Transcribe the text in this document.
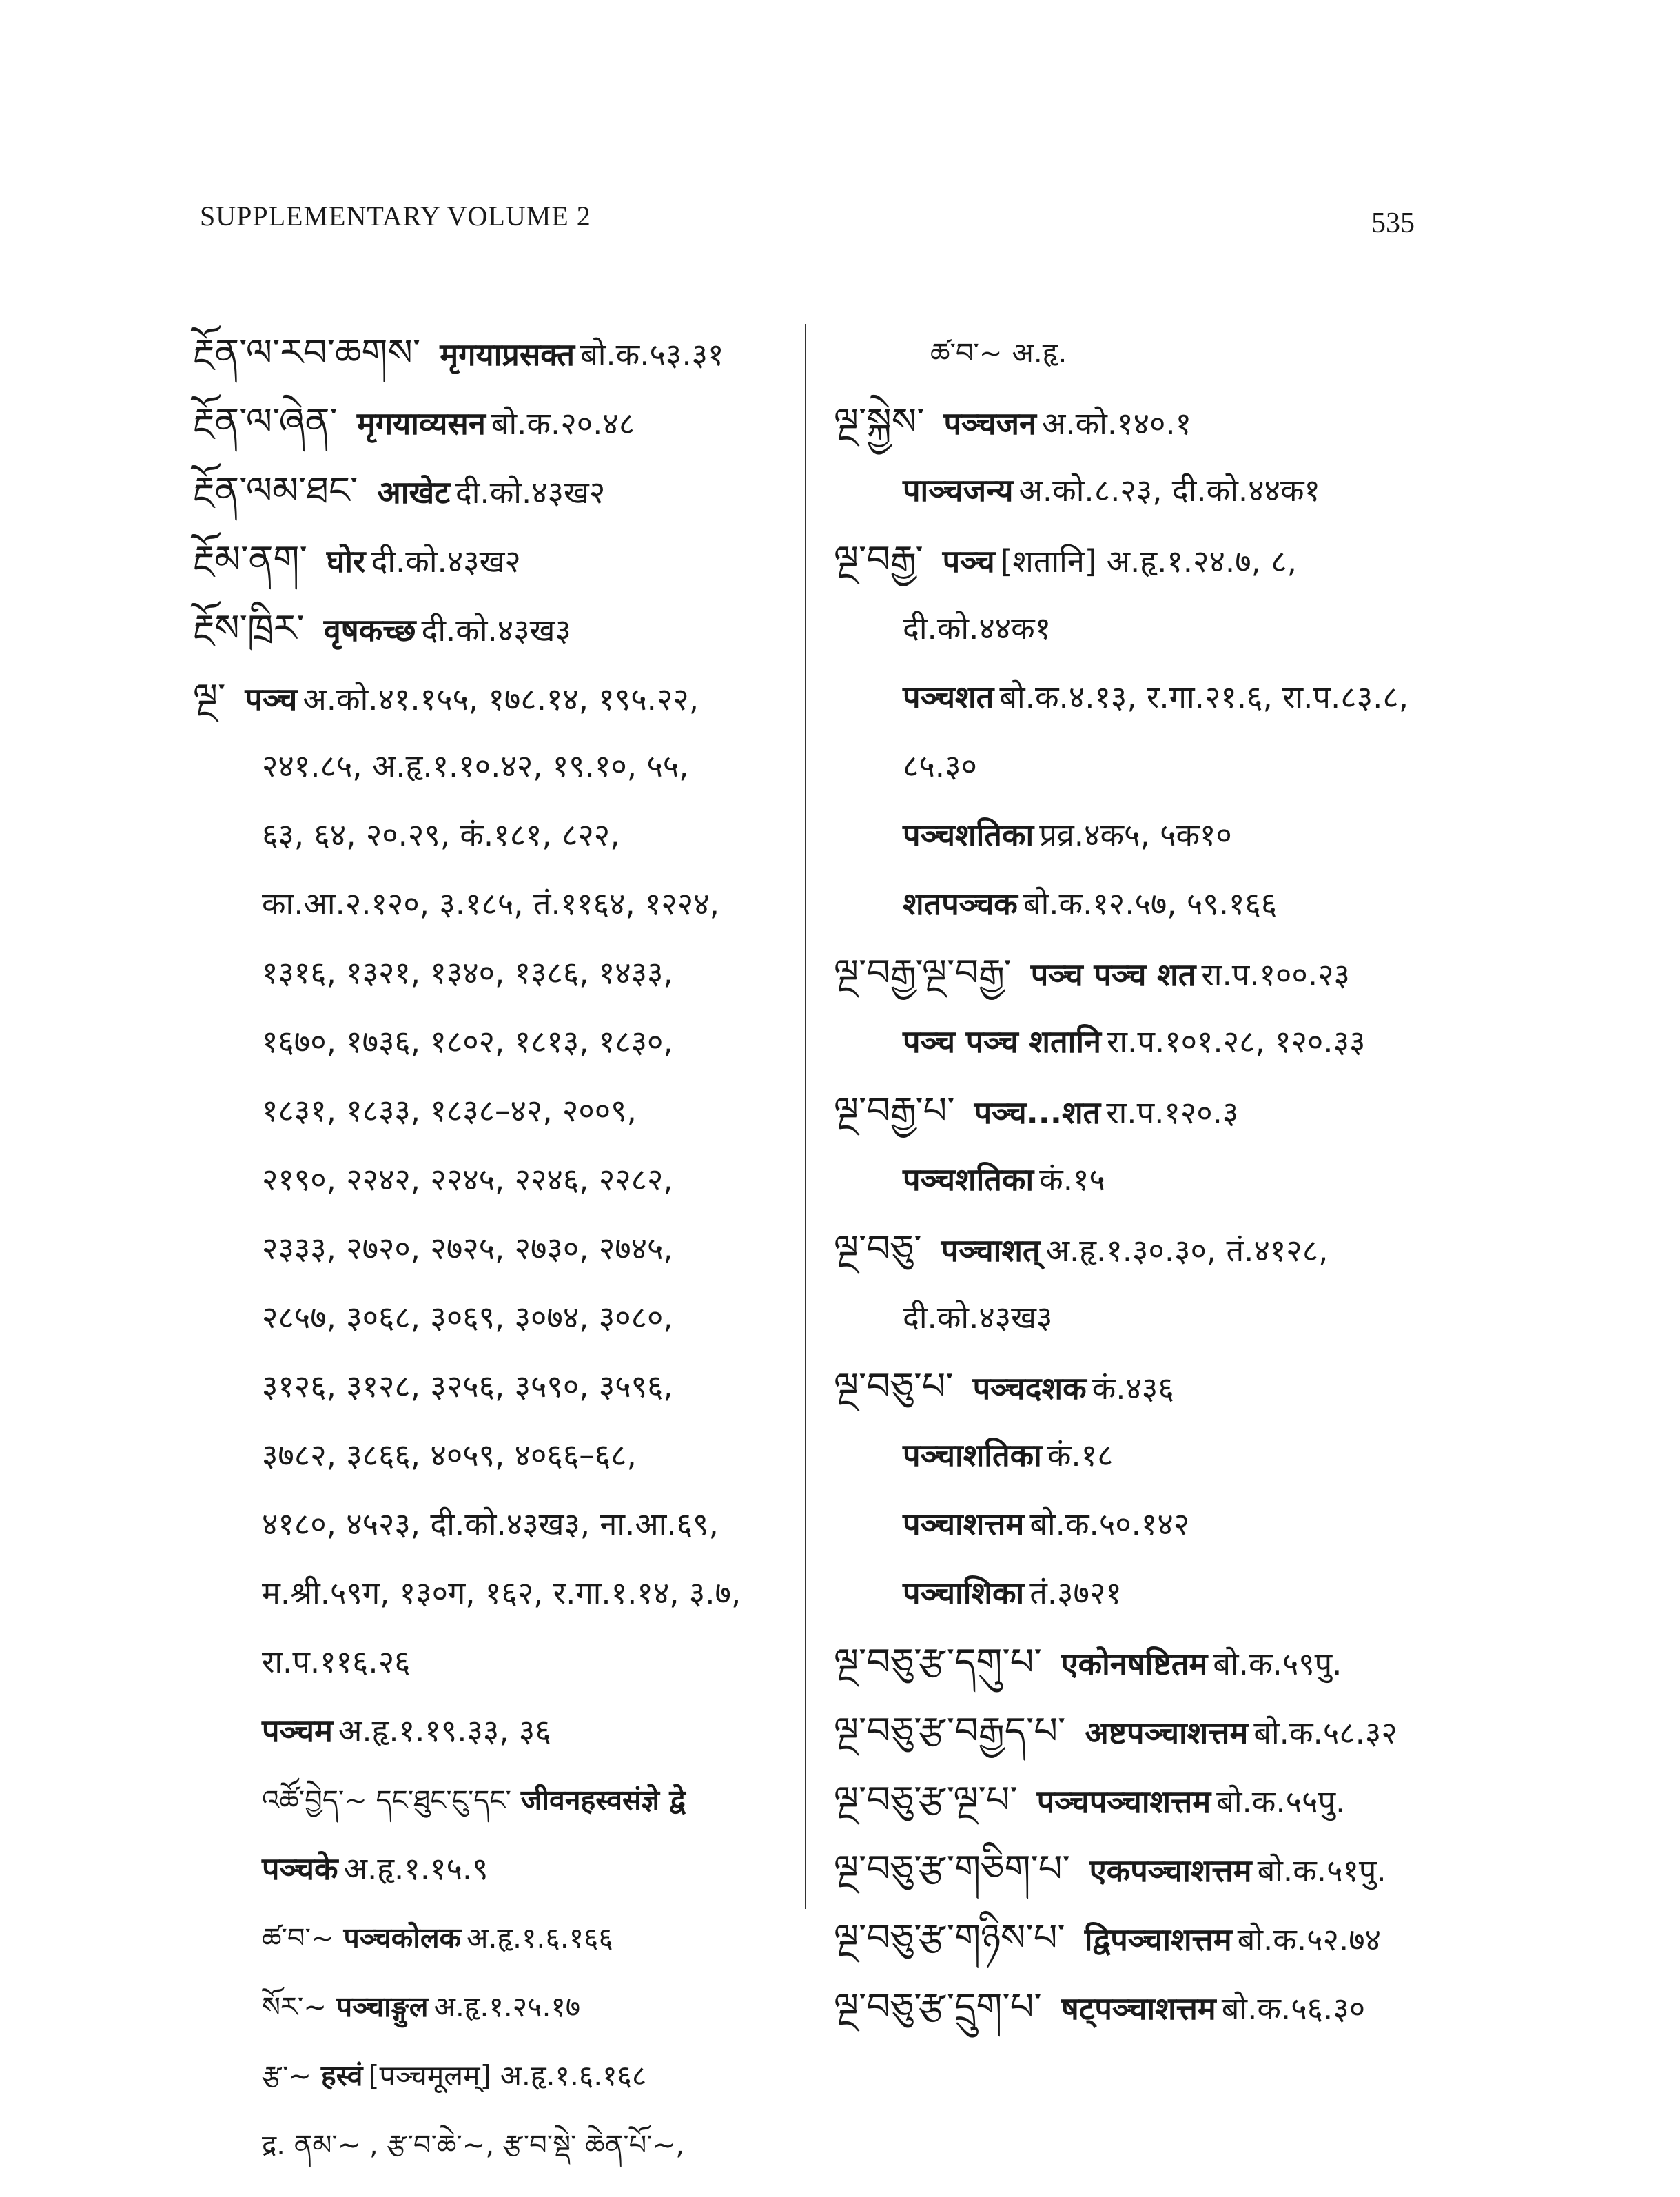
SUPPLEMENTARY VOLUME 2	535
རྔོན་ལ་རབ་ཆགས་ मृगयाप्रसक्त बो.क.५३.३१
རྔོན་ལ་ཞེན་ मृगयाव्यसन बो.क.२०.४८
རྔོན་ལམ་ཐང་ आखेट दी.को.४३ख२
རྔོམ་ནག་ घोर दी.को.४३ख२
རྔོས་ཁྲིར་ वृषकच्छ दी.को.४३ख३
ལྔ་ पञ्च अ.को.४१.१५५, १७८.१४, १९५.२२,
२४१.८५, अ.हृ.१.१०.४२, १९.१०, ५५,
६३, ६४, २०.२९, कं.१८१, ८२२,
का.आ.२.१२०, ३.१८५, तं.११६४, १२२४,
१३१६, १३२१, १३४०, १३८६, १४३३,
१६७०, १७३६, १८०२, १८१३, १८३०,
१८३१, १८३३, १८३८–४२, २००९,
२१९०, २२४२, २२४५, २२४६, २२८२,
२३३३, २७२०, २७२५, २७३०, २७४५,
२८५७, ३०६८, ३०६९, ३०७४, ३०८०,
३१२६, ३१२८, ३२५६, ३५९०, ३५९६,
३७८२, ३८६६, ४०५९, ४०६६–६८,
४१८०, ४५२३, दी.को.४३ख३, ना.आ.६९,
म.श्री.५९ग, १३०ग, १६२, र.गा.१.१४, ३.७,
रा.प.११६.२६
पञ्चम अ.हृ.१.१९.३३, ३६
འཚོ་བྱེད་~ དང་ཐུང་ངུ་དང་ जीवनहस्वसंज्ञे द्वे
पञ्चके अ.हृ.१.१५.९
ཚ་བ་~ पञ्चकोलक अ.हृ.१.६.१६६
སོར་~ पञ्चाङ्गुल अ.हृ.१.२५.१७
རྩ་~ हस्वं [पञ्चमूलम्] अ.हृ.१.६.१६८
द्र. ནམ་~ , རྩ་བ་ཆེ་~, རྩ་བ་སྡེ་ ཆེན་པོ་~,
ཚ་བ་~ अ.हृ.
ལྔ་སྐྱེས་ पञ्चजन अ.को.१४०.१
पाञ्चजन्य अ.को.८.२३, दी.को.४४क१
ལྔ་བརྒྱ་ पञ्च [शतानि] अ.हृ.१.२४.७, ८,
दी.को.४४क१
पञ्चशत बो.क.४.१३, र.गा.२१.६, रा.प.८३.८,
८५.३०
पञ्चशतिका प्रव्र.४क५, ५क१०
शतपञ्चक बो.क.१२.५७, ५९.१६६
ལྔ་བརྒྱ་ལྔ་བརྒྱ་ पञ्च पञ्च शत रा.प.१००.२३
पञ्च पञ्च शतानि रा.प.१०१.२८, १२०.३३
ལྔ་བརྒྱ་པ་ पञ्च...शत रा.प.१२०.३
पञ्चशतिका कं.१५
ལྔ་བཅུ་ पञ्चाशत् अ.हृ.१.३०.३०, तं.४१२८,
दी.को.४३ख३
ལྔ་བཅུ་པ་ पञ्चदशक कं.४३६
पञ्चाशतिका कं.१८
पञ्चाशत्तम बो.क.५०.१४२
पञ्चाशिका तं.३७२१
ལྔ་བཅུ་རྩ་དགུ་པ་ एकोनषष्टितम बो.क.५९पु.
ལྔ་བཅུ་རྩ་བརྒྱད་པ་ अष्टपञ्चाशत्तम बो.क.५८.३२
ལྔ་བཅུ་རྩ་ལྔ་པ་ पञ्चपञ्चाशत्तम बो.क.५५पु.
ལྔ་བཅུ་རྩ་གཅིག་པ་ एकपञ्चाशत्तम बो.क.५१पु.
ལྔ་བཅུ་རྩ་གཉིས་པ་ द्विपञ्चाशत्तम बो.क.५२.७४
ལྔ་བཅུ་རྩ་དྲུག་པ་ षट्पञ्चाशत्तम बो.क.५६.३०
